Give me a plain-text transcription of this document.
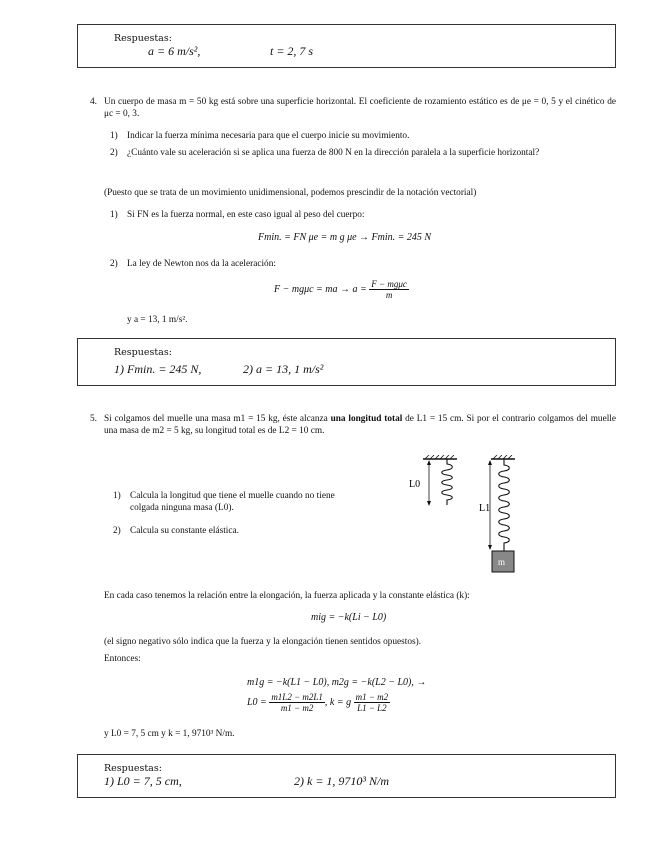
Respuestas:
a = 6 m/s²,	t = 2, 7 s
4. Un cuerpo de masa m = 50 kg está sobre una superficie horizontal. El coeficiente de rozamiento estático es de μe = 0, 5 y el cinético de μc = 0, 3.
1) Indicar la fuerza mínima necesaria para que el cuerpo inicie su movimiento.
2) ¿Cuánto vale su aceleración si se aplica una fuerza de 800 N en la dirección paralela a la superficie horizontal?
(Puesto que se trata de un movimiento unidimensional, podemos prescindir de la notación vectorial)
1) Si FN es la fuerza normal, en este caso igual al peso del cuerpo:
Fmin. = FN μe = m g μe → Fmin. = 245 N
2) La ley de Newton nos da la aceleración:
F − mgμc = ma → $a = \frac{\text{F − mgμc}}{m}$
y a = 13, 1 m/s².
Respuestas:
1) Fmin. = 245 N,	2) a = 13, 1 m/s²
5. Si colgamos del muelle una masa m1 = 15 kg, éste alcanza una longitud total de L1 = 15 cm. Si por el contrario colgamos del muelle una masa de m2 = 5 kg, su longitud total es de L2 = 10 cm.
1) Calcula la longitud que tiene el muelle cuando no tiene colgada ninguna masa (L0).
2) Calcula su constante elástica.
L0
L1
m
En cada caso tenemos la relación entre la elongación, la fuerza aplicada y la constante elástica (k):
mig = −k(Li − L0)
(el signo negativo sólo indica que la fuerza y la elongación tienen sentidos opuestos).
Entonces:
m1g = −k(L1 − L0), m2g = −k(L2 − L0), →
$L0 = \frac{m1L2 - m2L1}{m1 - m2}$ , k = g $\frac{m1 - m2}{L1 - L2}$
y L0 = 7, 5 cm y k = 1, 9710³ N/m.
Respuestas:
1) L0 = 7, 5 cm,	2) k = 1, 9710³ N/m
